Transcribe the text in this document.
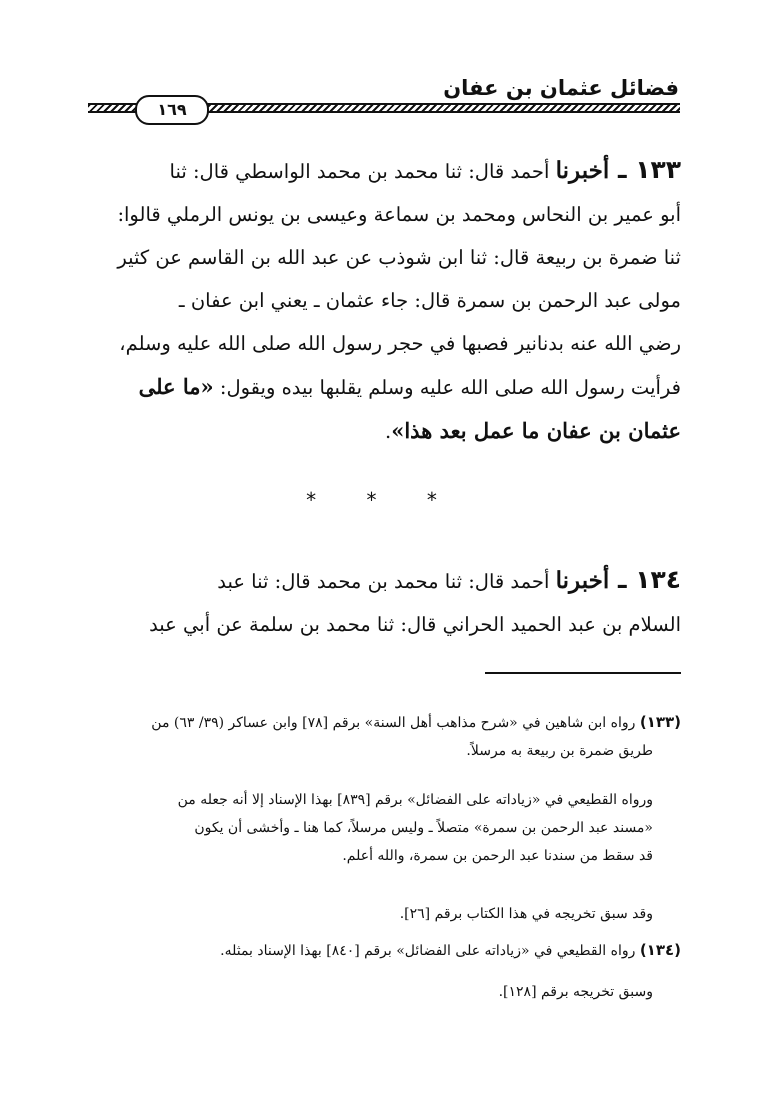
فضائل عثمان بن عفان
١٦٩
١٣٣ ـ أخبرنا أحمد قال: ثنا محمد بن محمد الواسطي قال: ثنا
أبو عمير بن النحاس ومحمد بن سماعة وعيسى بن يونس الرملي قالوا:
ثنا ضمرة بن ربيعة قال: ثنا ابن شوذب عن عبد الله بن القاسم عن كثير
مولى عبد الرحمن بن سمرة قال: جاء عثمان ـ يعني ابن عفان ـ
رضي الله عنه بدنانير فصبها في حجر رسول الله صلى الله عليه وسلم،
فرأيت رسول الله صلى الله عليه وسلم يقلبها بيده ويقول: «ما على
عثمان بن عفان ما عمل بعد هذا».
* * *
١٣٤ ـ أخبرنا أحمد قال: ثنا محمد بن محمد قال: ثنا عبد
السلام بن عبد الحميد الحراني قال: ثنا محمد بن سلمة عن أبي عبد
(١٣٣) رواه ابن شاهين في «شرح مذاهب أهل السنة» برقم [٧٨] وابن عساكر (٣٩/ ٦٣) من
طريق ضمرة بن ربيعة به مرسلاً.
ورواه القطيعي في «زياداته على الفضائل» برقم [٨٣٩] بهذا الإسناد إلا أنه جعله من
«مسند عبد الرحمن بن سمرة» متصلاً ـ وليس مرسلاً، كما هنا ـ وأخشى أن يكون
قد سقط من سندنا عبد الرحمن بن سمرة، والله أعلم.
وقد سبق تخريجه في هذا الكتاب برقم [٢٦].
(١٣٤) رواه القطيعي في «زياداته على الفضائل» برقم [٨٤٠] بهذا الإسناد بمثله.
وسبق تخريجه برقم [١٢٨].
